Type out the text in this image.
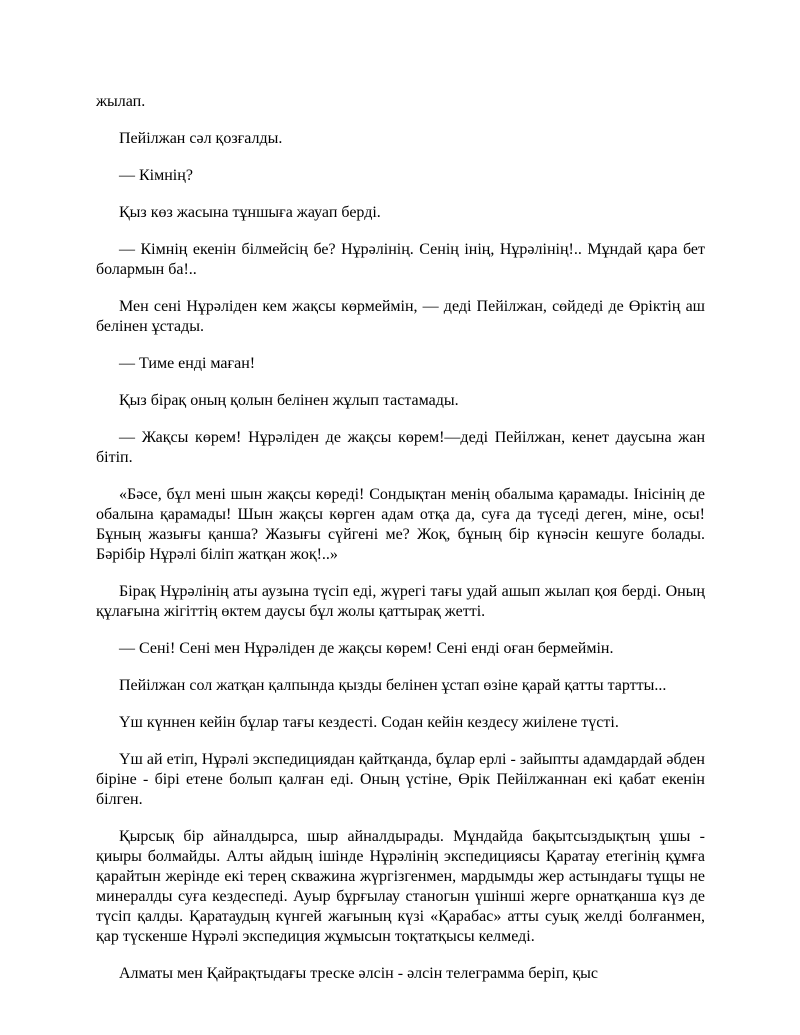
жылап.

Пейілжан сәл қозғалды.

— Кімнің?

Қыз көз жасына тұншыға жауап берді.

— Кімнің екенін білмейсің бе? Нұрәлінің. Сенің інің, Нұрәлінің!.. Мұндай қара бет болармын ба!..

Мен сені Нұрәліден кем жақсы көрмеймін, — деді Пейілжан, сөйдеді де Өріктің аш белінен ұстады.

— Тиме енді маған!

Қыз бірақ оның қолын белінен жұлып тастамады.

— Жақсы көрем! Нұрәліден де жақсы көрем!—деді Пейілжан, кенет даусына жан бітіп.

«Бәсе, бұл мені шын жақсы көреді! Сондықтан менің обалыма қарамады. Інісінің де обалына қарамады! Шын жақсы көрген адам отқа да, суға да түседі деген, міне, осы! Бұның жазығы қанша? Жазығы сүйгені ме? Жоқ, бұның бір күнәсін кешуге болады. Бәрібір Нұрәлі біліп жатқан жоқ!..»

Бірақ Нұрәлінің аты аузына түсіп еді, жүрегі тағы удай ашып жылап қоя берді. Оның құлағына жігіттің өктем даусы бұл жолы қаттырақ жетті.

— Сені! Сені мен Нұрәліден де жақсы көрем! Сені енді оған бермеймін.

Пейілжан сол жатқан қалпында қызды белінен ұстап өзіне қарай қатты тартты...

Үш күннен кейін бұлар тағы кездесті. Содан кейін кездесу жиілене түсті.

Үш ай етіп, Нұрәлі экспедициядан қайтқанда, бұлар ерлі - зайыпты адамдардай әбден біріне - бірі етене болып қалған еді. Оның үстіне, Өрік Пейілжаннан екі қабат екенін білген.

Қырсық бір айналдырса, шыр айналдырады. Мұндайда бақытсыздықтың ұшы - қиыры болмайды. Алты айдың ішінде Нұрәлінің экспедициясы Қаратау етегінің құмға қарайтын жерінде екі терең скважина жүргізгенмен, мардымды жер астындағы тұщы не минералды суға кездеспеді. Ауыр бұрғылау станогын үшінші жерге орнатқанша күз де түсіп қалды. Қаратаудың күнгей жағының күзі «Қарабас» атты суық желді болғанмен, қар түскенше Нұрәлі экспедиция жұмысын тоқтатқысы келмеді.

Алматы мен Қайрақтыдағы треске әлсін - әлсін телеграмма беріп, қыс
